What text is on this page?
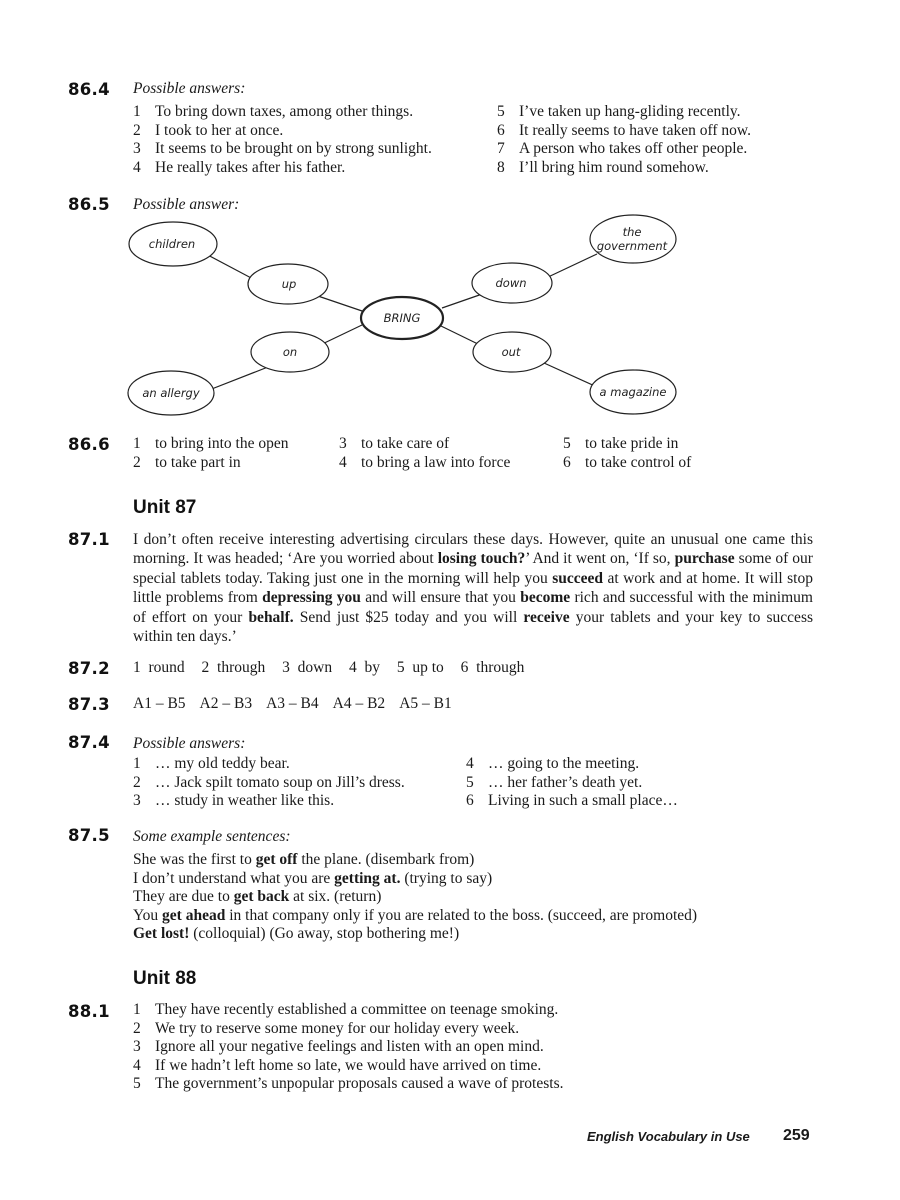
86.4 Possible answers:
1 To bring down taxes, among other things.
2 I took to her at once.
3 It seems to be brought on by strong sunlight.
4 He really takes after his father.
5 I’ve taken up hang-gliding recently.
6 It really seems to have taken off now.
7 A person who takes off other people.
8 I’ll bring him round somehow.
86.5 Possible answer:
children
up	down
the
government
BRING
on	out
an allergy	a magazine
86.6 1 to bring into the open
2 to take part in
3 to take care of
4 to bring a law into force
5 to take pride in
6 to take control of
Unit 87
87.1 I don’t often receive interesting advertising circulars these days. However, quite an unusual one came this morning. It was headed; ‘Are you worried about losing touch?’ And it went on, ‘If so, purchase some of our special tablets today. Taking just one in the morning will help you succeed at work and at home. It will stop little problems from depressing you and will ensure that you become rich and successful with the minimum of effort on your behalf. Send just $25 today and you will receive your tablets and your key to success within ten days.’
87.2 1 round 2 through 3 down 4 by 5 up to 6 through
87.3 A1 – B5 A2 – B3 A3 – B4 A4 – B2 A5 – B1
87.4 Possible answers:
1 … my old teddy bear.
2 … Jack spilt tomato soup on Jill’s dress.
3 … study in weather like this.
4 … going to the meeting.
5 … her father’s death yet.
6 Living in such a small place…
87.5 Some example sentences:
She was the first to get off the plane. (disembark from)
I don’t understand what you are getting at. (trying to say)
They are due to get back at six. (return)
You get ahead in that company only if you are related to the boss. (succeed, are promoted)
Get lost! (colloquial) (Go away, stop bothering me!)
Unit 88
88.1 1 They have recently established a committee on teenage smoking.
2 We try to reserve some money for our holiday every week.
3 Ignore all your negative feelings and listen with an open mind.
4 If we hadn’t left home so late, we would have arrived on time.
5 The government’s unpopular proposals caused a wave of protests.
English Vocabulary in Use 259
